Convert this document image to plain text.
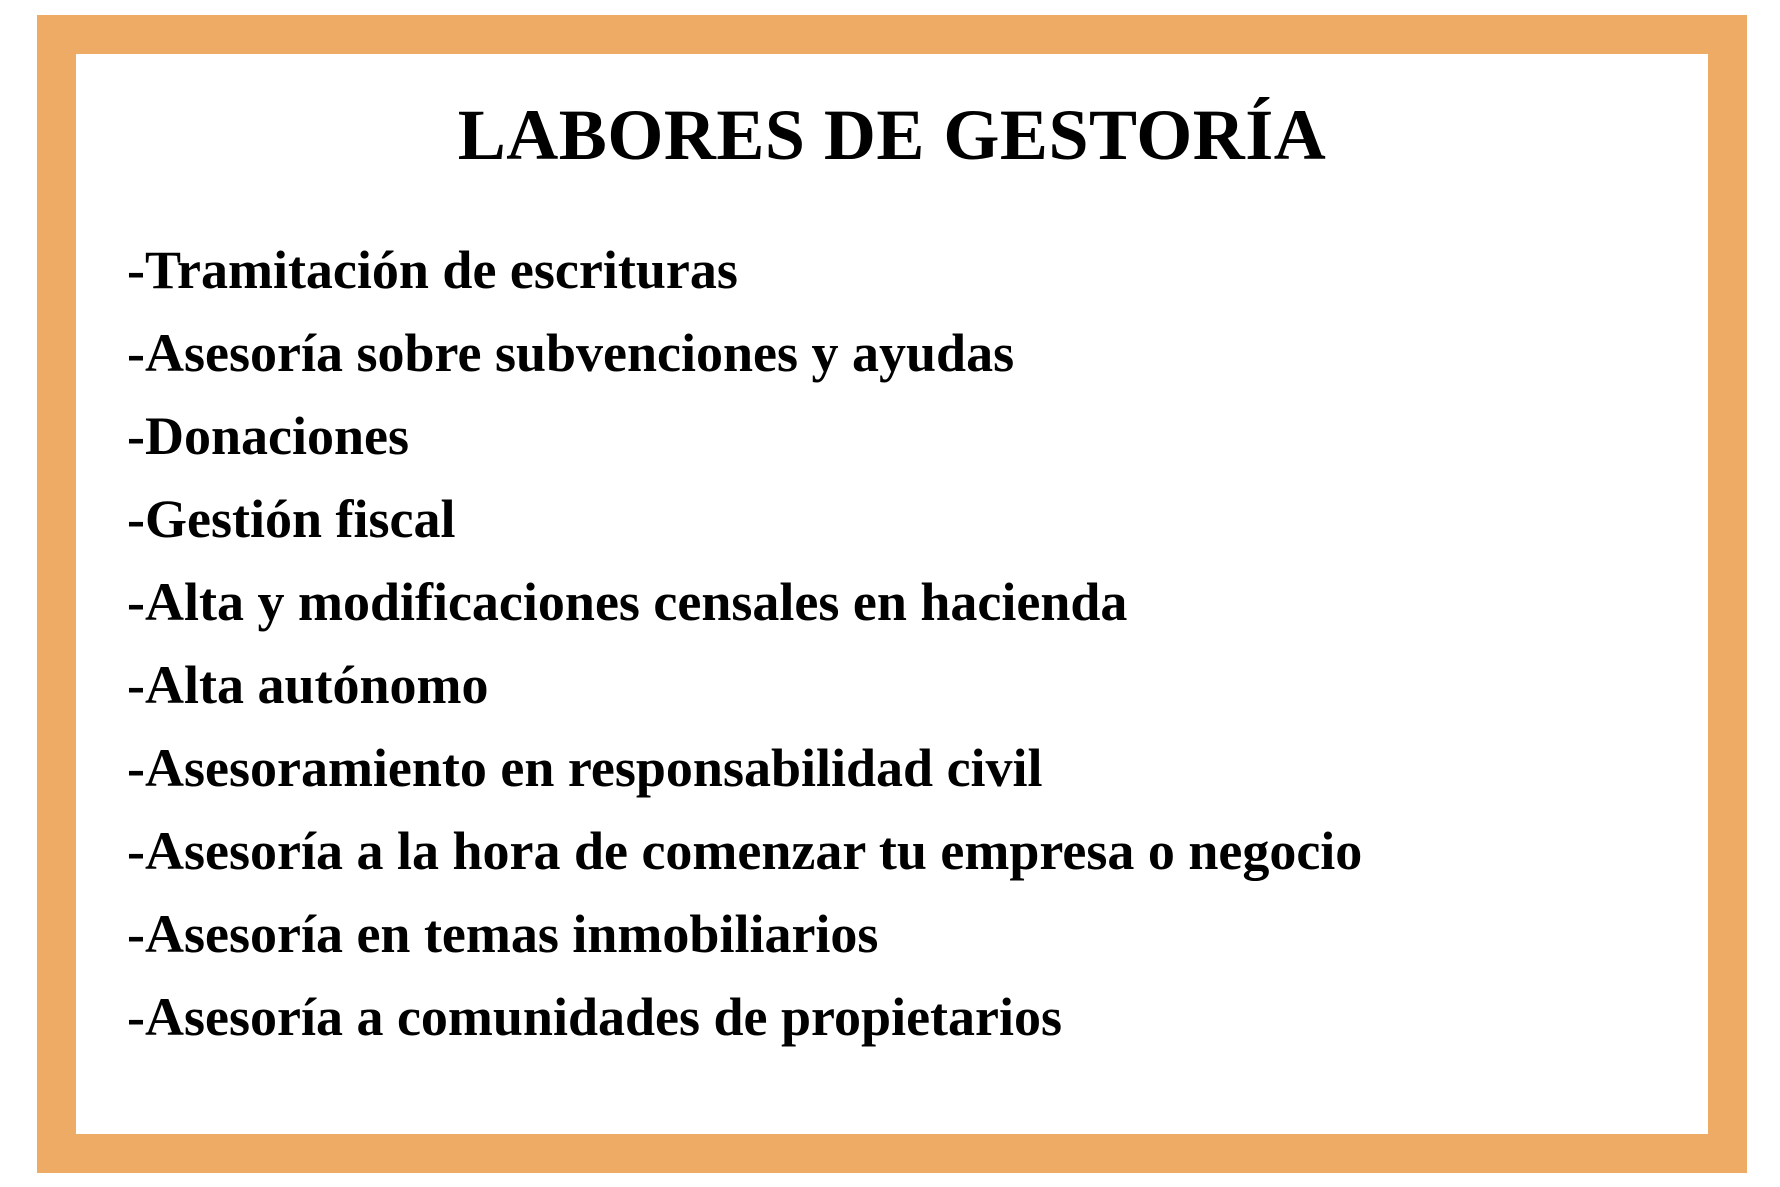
LABORES DE GESTORÍA
-Tramitación de escrituras
-Asesoría sobre subvenciones y ayudas
-Donaciones
-Gestión fiscal
-Alta y modificaciones censales en hacienda
-Alta autónomo
-Asesoramiento en responsabilidad civil
-Asesoría a la hora de comenzar tu empresa o negocio
-Asesoría en temas inmobiliarios
-Asesoría a comunidades de propietarios
